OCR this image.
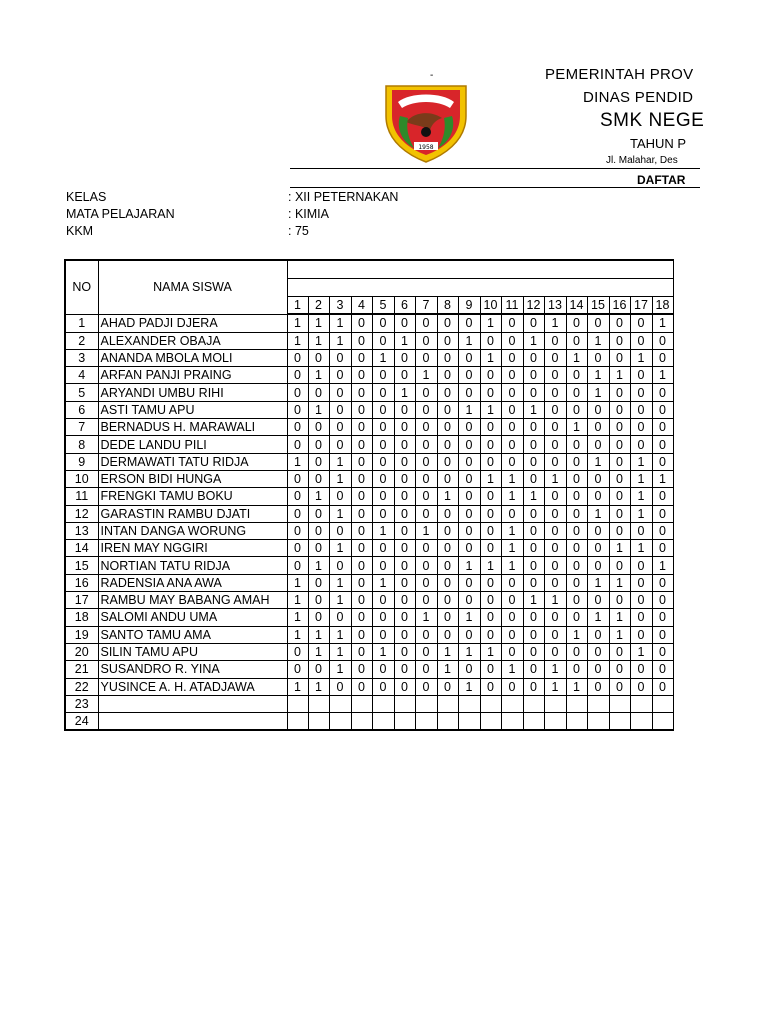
1958
-	PEMERINTAH PROV
DINAS PENDID
SMK NEGE
TAHUN P
Jl. Malahar, Des
DAFTAR
KELAS	: XII PETERNAKAN
MATA PELAJARAN	: KIMIA
KKM	: 75
NO	NAMA SISWA																		

		1	2	3	4	5	6	7	8	9	10	11	12	13	14	15	16	17	18
1	AHAD PADJI DJERA	1	1	1	0	0	0	0	0	0	1	0	0	1	0	0	0	0	1
2	ALEXANDER OBAJA	1	1	1	0	0	1	0	0	1	0	0	1	0	0	1	0	0	0
3	ANANDA MBOLA MOLI	0	0	0	0	1	0	0	0	0	1	0	0	0	1	0	0	1	0
4	ARFAN PANJI PRAING	0	1	0	0	0	0	1	0	0	0	0	0	0	0	1	1	0	1
5	ARYANDI UMBU RIHI	0	0	0	0	0	1	0	0	0	0	0	0	0	0	1	0	0	0
6	ASTI TAMU APU	0	1	0	0	0	0	0	0	1	1	0	1	0	0	0	0	0	0
7	BERNADUS H. MARAWALI	0	0	0	0	0	0	0	0	0	0	0	0	0	1	0	0	0	0
8	DEDE LANDU PILI	0	0	0	0	0	0	0	0	0	0	0	0	0	0	0	0	0	0
9	DERMAWATI TATU RIDJA	1	0	1	0	0	0	0	0	0	0	0	0	0	0	1	0	1	0
10	ERSON BIDI HUNGA	0	0	1	0	0	0	0	0	0	1	1	0	1	0	0	0	1	1
11	FRENGKI TAMU BOKU	0	1	0	0	0	0	0	1	0	0	1	1	0	0	0	0	1	0
12	GARASTIN RAMBU DJATI	0	0	1	0	0	0	0	0	0	0	0	0	0	0	1	0	1	0
13	INTAN DANGA WORUNG	0	0	0	0	1	0	1	0	0	0	1	0	0	0	0	0	0	0
14	IREN MAY NGGIRI	0	0	1	0	0	0	0	0	0	0	1	0	0	0	0	1	1	0
15	NORTIAN TATU RIDJA	0	1	0	0	0	0	0	0	1	1	1	0	0	0	0	0	0	1
16	RADENSIA ANA AWA	1	0	1	0	1	0	0	0	0	0	0	0	0	0	1	1	0	0
17	RAMBU MAY BABANG AMAH	1	0	1	0	0	0	0	0	0	0	0	1	1	0	0	0	0	0
18	SALOMI ANDU UMA	1	0	0	0	0	0	1	0	1	0	0	0	0	0	1	1	0	0
19	SANTO TAMU AMA	1	1	1	0	0	0	0	0	0	0	0	0	0	1	0	1	0	0
20	SILIN TAMU APU	0	1	1	0	1	0	0	1	1	1	0	0	0	0	0	0	1	0
21	SUSANDRO R. YINA	0	0	1	0	0	0	0	1	0	0	1	0	1	0	0	0	0	0
22	YUSINCE A. H. ATADJAWA	1	1	0	0	0	0	0	0	1	0	0	0	1	1	0	0	0	0
23																			
24																			
